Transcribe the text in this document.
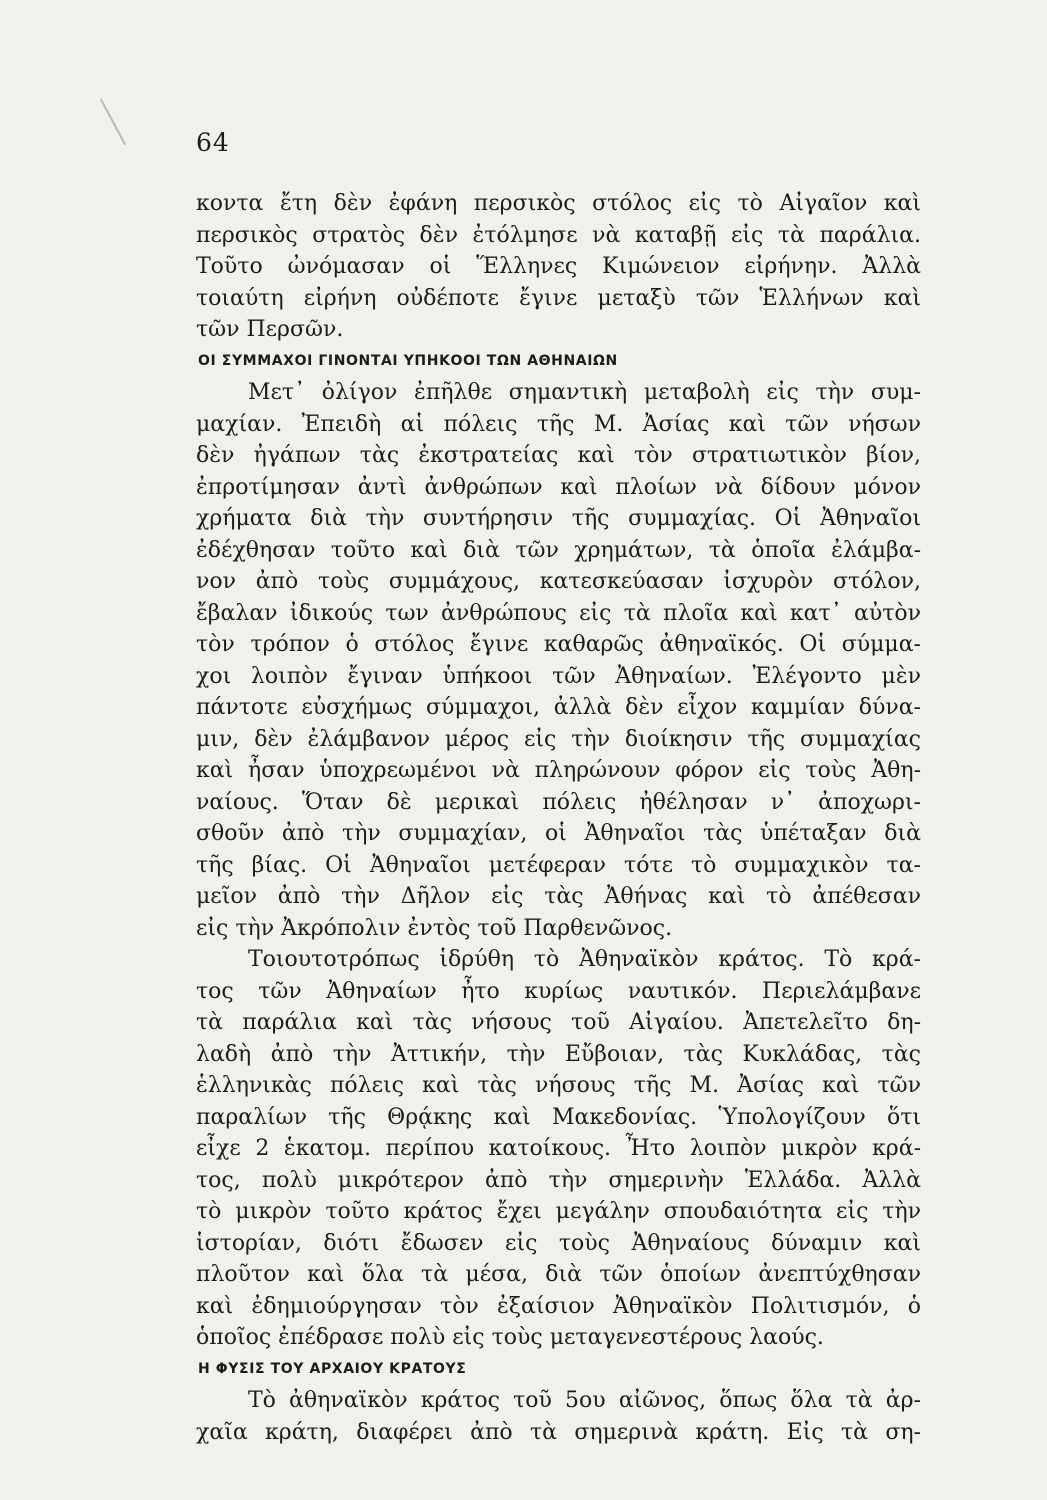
64
κοντα ἔτη δὲν ἐφάνη περσικὸς στόλος εἰς τὸ Αἰγαῖον καὶ
περσικὸς στρατὸς δὲν ἐτόλμησε νὰ καταβῇ εἰς τὰ παράλια.
Τοῦτο ὠνόμασαν οἱ Ἕλληνες Κιμώνειον εἰρήνην. Ἀλλὰ
τοιαύτη εἰρήνη οὐδέποτε ἔγινε μεταξὺ τῶν Ἑλλήνων καὶ
τῶν Περσῶν.
ΟΙ ΣΥΜΜΑΧΟΙ ΓΙΝΟΝΤΑΙ ΥΠΗΚΟΟΙ ΤΩΝ ΑΘΗΝΑΙΩΝ
Μετ᾽ ὀλίγον ἐπῆλθε σημαντικὴ μεταβολὴ εἰς τὴν συμ-
μαχίαν. Ἐπειδὴ αἱ πόλεις τῆς Μ. Ἀσίας καὶ τῶν νήσων
δὲν ἠγάπων τὰς ἐκστρατείας καὶ τὸν στρατιωτικὸν βίον,
ἐπροτίμησαν ἀντὶ ἀνθρώπων καὶ πλοίων νὰ δίδουν μόνον
χρήματα διὰ τὴν συντήρησιν τῆς συμμαχίας. Οἱ Ἀθηναῖοι
ἐδέχθησαν τοῦτο καὶ διὰ τῶν χρημάτων, τὰ ὁποῖα ἐλάμβα-
νον ἀπὸ τοὺς συμμάχους, κατεσκεύασαν ἰσχυρὸν στόλον,
ἔβαλαν ἰδικούς των ἀνθρώπους εἰς τὰ πλοῖα καὶ κατ᾽ αὐτὸν
τὸν τρόπον ὁ στόλος ἔγινε καθαρῶς ἀθηναϊκός. Οἱ σύμμα-
χοι λοιπὸν ἔγιναν ὑπήκοοι τῶν Ἀθηναίων. Ἐλέγοντο μὲν
πάντοτε εὐσχήμως σύμμαχοι, ἀλλὰ δὲν εἶχον καμμίαν δύνα-
μιν, δὲν ἐλάμβανον μέρος εἰς τὴν διοίκησιν τῆς συμμαχίας
καὶ ἦσαν ὑποχρεωμένοι νὰ πληρώνουν φόρον εἰς τοὺς Ἀθη-
ναίους. Ὅταν δὲ μερικαὶ πόλεις ἠθέλησαν ν᾽ ἀποχωρι-
σθοῦν ἀπὸ τὴν συμμαχίαν, οἱ Ἀθηναῖοι τὰς ὑπέταξαν διὰ
τῆς βίας. Οἱ Ἀθηναῖοι μετέφεραν τότε τὸ συμμαχικὸν τα-
μεῖον ἀπὸ τὴν Δῆλον εἰς τὰς Ἀθήνας καὶ τὸ ἀπέθεσαν
εἰς τὴν Ἀκρόπολιν ἐντὸς τοῦ Παρθενῶνος.
Τοιουτοτρόπως ἱδρύθη τὸ Ἀθηναϊκὸν κράτος. Τὸ κρά-
τος τῶν Ἀθηναίων ἦτο κυρίως ναυτικόν. Περιελάμβανε
τὰ παράλια καὶ τὰς νήσους τοῦ Αἰγαίου. Ἀπετελεῖτο δη-
λαδὴ ἀπὸ τὴν Ἀττικήν, τὴν Εὔβοιαν, τὰς Κυκλάδας, τὰς
ἑλληνικὰς πόλεις καὶ τὰς νήσους τῆς Μ. Ἀσίας καὶ τῶν
παραλίων τῆς Θρᾴκης καὶ Μακεδονίας. Ὑπολογίζουν ὅτι
εἶχε 2 ἑκατομ. περίπου κατοίκους. Ἦτο λοιπὸν μικρὸν κρά-
τος, πολὺ μικρότερον ἀπὸ τὴν σημερινὴν Ἑλλάδα. Ἀλλὰ
τὸ μικρὸν τοῦτο κράτος ἔχει μεγάλην σπουδαιότητα εἰς τὴν
ἱστορίαν, διότι ἔδωσεν εἰς τοὺς Ἀθηναίους δύναμιν καὶ
πλοῦτον καὶ ὅλα τὰ μέσα, διὰ τῶν ὁποίων ἀνεπτύχθησαν
καὶ ἐδημιούργησαν τὸν ἐξαίσιον Ἀθηναϊκὸν Πολιτισμόν, ὁ
ὁποῖος ἐπέδρασε πολὺ εἰς τοὺς μεταγενεστέρους λαούς.
Η ΦΥΣΙΣ ΤΟΥ ΑΡΧΑΙΟΥ ΚΡΑΤΟΥΣ
Τὸ ἀθηναϊκὸν κράτος τοῦ 5ου αἰῶνος, ὅπως ὅλα τὰ ἀρ-
χαῖα κράτη, διαφέρει ἀπὸ τὰ σημερινὰ κράτη. Εἰς τὰ ση-
